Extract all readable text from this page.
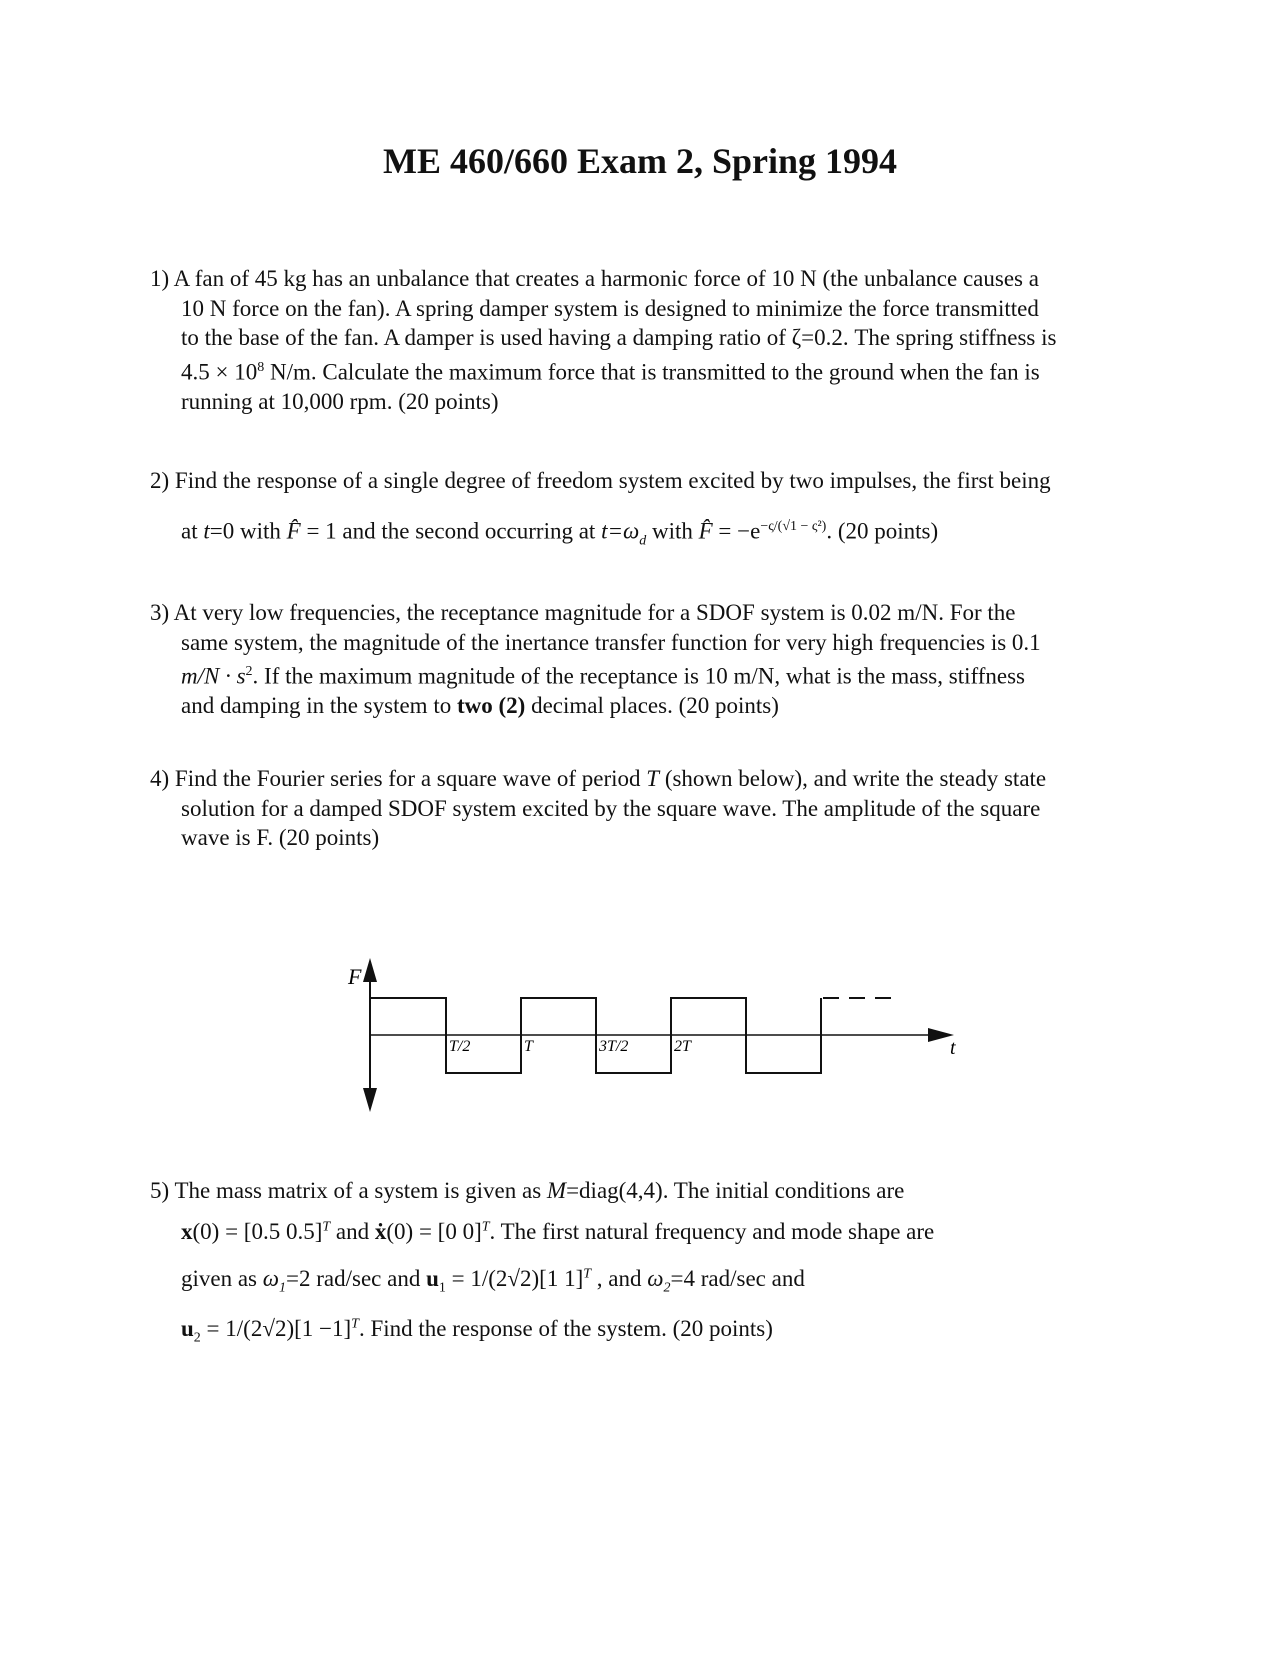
ME 460/660 Exam 2, Spring 1994
1) A fan of 45 kg has an unbalance that creates a harmonic force of 10 N (the unbalance causes a
10 N force on the fan). A spring damper system is designed to minimize the force transmitted
to the base of the fan. A damper is used having a damping ratio of ζ=0.2. The spring stiffness is
$4.5 \times 10^8$ N/m. Calculate the maximum force that is transmitted to the ground when the fan is
running at 10,000 rpm. (20 points)
2) Find the response of a single degree of freedom system excited by two impulses, the first being
at t=0 with F̂ = 1 and the second occurring at $t=\omega_d$ with F̂ = $-e^{-\varsigma/(√1 - \varsigma^2)}$. (20 points)
3) At very low frequencies, the receptance magnitude for a SDOF system is 0.02 m/N. For the
same system, the magnitude of the inertance transfer function for very high frequencies is 0.1
$m/N \cdot s^2$. If the maximum magnitude of the receptance is 10 m/N, what is the mass, stiffness
and damping in the system to two (2) decimal places. (20 points)
4) Find the Fourier series for a square wave of period T (shown below), and write the steady state
solution for a damped SDOF system excited by the square wave. The amplitude of the square
wave is F. (20 points)
F
t
T/2	T	3T/2	2T
5) The mass matrix of a system is given as M=diag(4,4). The initial conditions are
x(0) = [0.5 0.5]$^T$ and ẋ(0) = [0 0]$^T$. The first natural frequency and mode shape are
given as $\omega_1=2$ rad/sec and $u_1 = 1/(2√2)[1$ 1]$^T$ , and $\omega_2=4$ rad/sec and
$u_2 = 1/(2√2)[1 -1]^T$. Find the response of the system. (20 points)
